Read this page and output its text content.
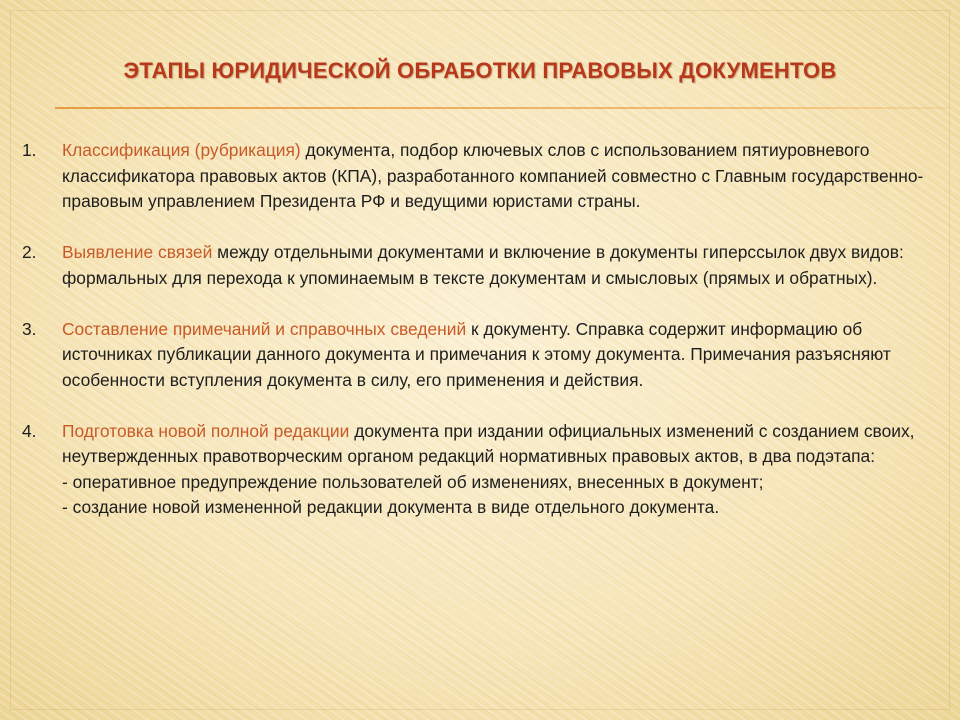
ЭТАПЫ ЮРИДИЧЕСКОЙ ОБРАБОТКИ ПРАВОВЫХ ДОКУМЕНТОВ
1. Классификация (рубрикация) документа, подбор ключевых слов с использованием пятиуровневого классификатора правовых актов (КПА), разработанного компанией совместно с Главным государственно-правовым управлением Президента РФ и ведущими юристами страны.
2. Выявление связей между отдельными документами и включение в документы гиперссылок двух видов: формальных для перехода к упоминаемым в тексте документам и смысловых (прямых и обратных).
3. Составление примечаний и справочных сведений к документу. Справка содержит информацию об источниках публикации данного документа и примечания к этому документа. Примечания разъясняют особенности вступления документа в силу, его применения и действия.
4. Подготовка новой полной редакции документа при издании официальных изменений с созданием своих, неутвержденных правотворческим органом редакций нормативных правовых актов, в два подэтапа:
- оперативное предупреждение пользователей об изменениях, внесенных в документ;
- создание новой измененной редакции документа в виде отдельного документа.
